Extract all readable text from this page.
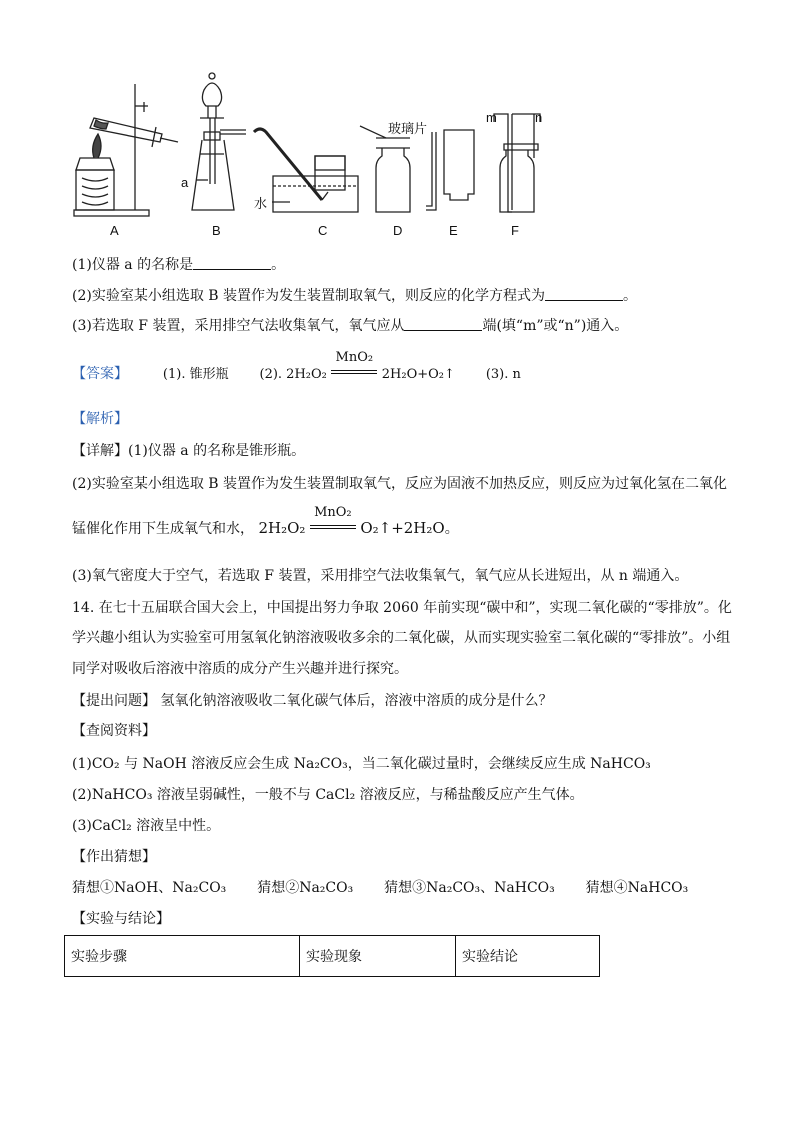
a
水
玻璃片
m	n
A	B	C	D	E	F
(1)仪器 a 的名称是	。
(2)实验室某小组选取 B 装置作为发生装置制取氧气，则反应的化学方程式为	。
(3)若选取 F 装置，采用排空气法收集氧气，氧气应从	端(填“m”或“n”)通入。
【答案】	(1). 锥形瓶 (2). 2H₂O₂
MnO₂
2H₂O+O₂↑ (3). n
【解析】
【详解】(1)仪器 a 的名称是锥形瓶。
(2)实验室某小组选取 B 装置作为发生装置制取氧气，反应为固液不加热反应，则反应为过氧化氢在二氧化
锰催化作用下生成氧气和水， 2H₂O₂
MnO₂
O₂↑+2H₂O。
(3)氧气密度大于空气，若选取 F 装置，采用排空气法收集氧气，氧气应从长进短出，从 n 端通入。
14. 在七十五届联合国大会上，中国提出努力争取 2060 年前实现“碳中和”，实现二氧化碳的“零排放”。化
学兴趣小组认为实验室可用氢氧化钠溶液吸收多余的二氧化碳，从而实现实验室二氧化碳的“零排放”。小组
同学对吸收后溶液中溶质的成分产生兴趣并进行探究。
【提出问题】 氢氧化钠溶液吸收二氧化碳气体后，溶液中溶质的成分是什么？
【查阅资料】
(1)CO₂ 与 NaOH 溶液反应会生成 Na₂CO₃，当二氧化碳过量时，会继续反应生成 NaHCO₃
(2)NaHCO₃ 溶液呈弱碱性，一般不与 CaCl₂ 溶液反应，与稀盐酸反应产生气体。
(3)CaCl₂ 溶液呈中性。
【作出猜想】
猜想①NaOH、Na₂CO₃ 猜想②Na₂CO₃ 猜想③Na₂CO₃、NaHCO₃ 猜想④NaHCO₃
【实验与结论】
实验步骤	实验现象	实验结论
